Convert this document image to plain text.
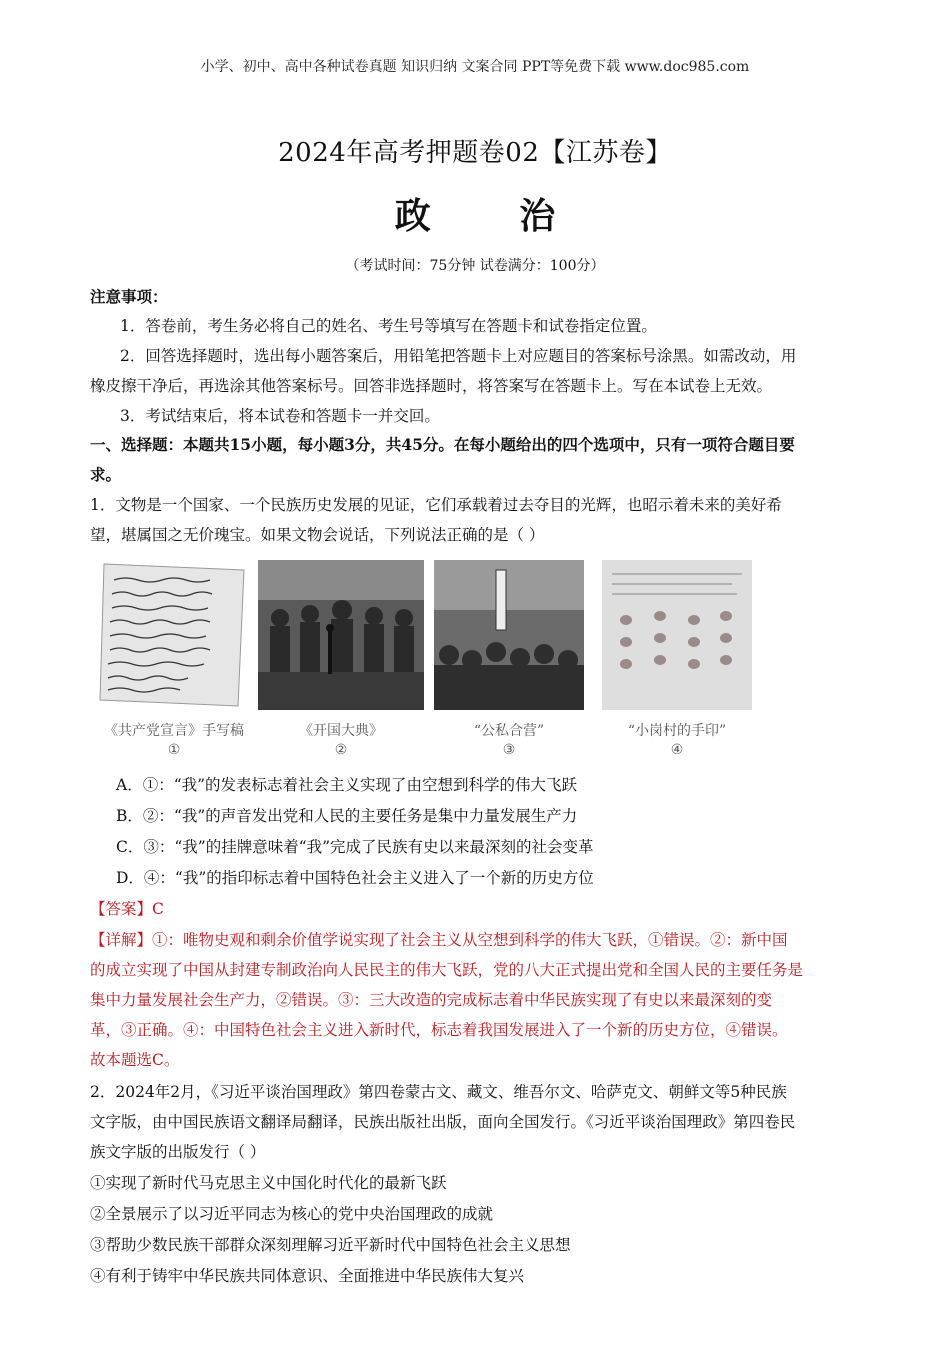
小学、初中、高中各种试卷真题 知识归纳 文案合同 PPT等免费下载 www.doc985.com
2024年高考押题卷02【江苏卷】
政 治
（考试时间：75分钟 试卷满分：100分）
注意事项：
1．答卷前，考生务必将自己的姓名、考生号等填写在答题卡和试卷指定位置。
2．回答选择题时，选出每小题答案后，用铅笔把答题卡上对应题目的答案标号涂黑。如需改动，用
橡皮擦干净后，再选涂其他答案标号。回答非选择题时，将答案写在答题卡上。写在本试卷上无效。
3．考试结束后，将本试卷和答题卡一并交回。
一、选择题：本题共15小题，每小题3分，共45分。在每小题给出的四个选项中，只有一项符合题目要
求。
1．文物是一个国家、一个民族历史发展的见证，它们承载着过去夺目的光辉，也昭示着未来的美好希
望，堪属国之无价瑰宝。如果文物会说话，下列说法正确的是（ ）
《共产党宣言》手写稿
①
《开国大典》
②
“公私合营”
③
“小岗村的手印”
④
A．①：“我”的发表标志着社会主义实现了由空想到科学的伟大飞跃
B．②：“我”的声音发出党和人民的主要任务是集中力量发展生产力
C．③：“我”的挂牌意味着“我”完成了民族有史以来最深刻的社会变革
D．④：“我”的指印标志着中国特色社会主义进入了一个新的历史方位
【答案】C
【详解】①：唯物史观和剩余价值学说实现了社会主义从空想到科学的伟大飞跃，①错误。②：新中国
的成立实现了中国从封建专制政治向人民民主的伟大飞跃，党的八大正式提出党和全国人民的主要任务是
集中力量发展社会生产力，②错误。③：三大改造的完成标志着中华民族实现了有史以来最深刻的变
革，③正确。④：中国特色社会主义进入新时代，标志着我国发展进入了一个新的历史方位，④错误。
故本题选C。
2．2024年2月，《习近平谈治国理政》第四卷蒙古文、藏文、维吾尔文、哈萨克文、朝鲜文等5种民族
文字版，由中国民族语文翻译局翻译，民族出版社出版，面向全国发行。《习近平谈治国理政》第四卷民
族文字版的出版发行（ ）
①实现了新时代马克思主义中国化时代化的最新飞跃
②全景展示了以习近平同志为核心的党中央治国理政的成就
③帮助少数民族干部群众深刻理解习近平新时代中国特色社会主义思想
④有利于铸牢中华民族共同体意识、全面推进中华民族伟大复兴
